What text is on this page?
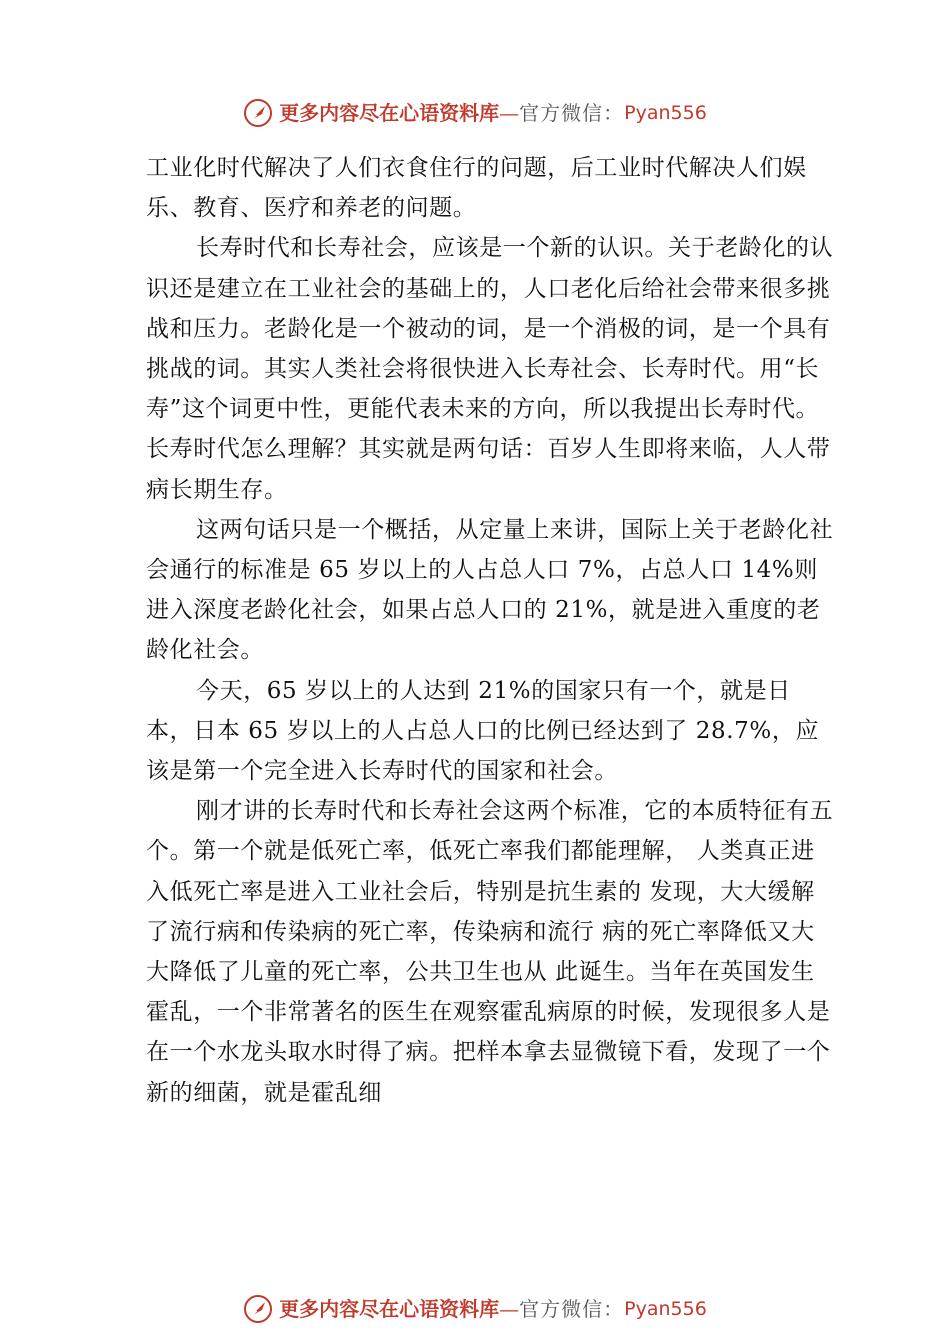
更多内容尽在心语资料库 — 官方微信： Pyan556

工业化时代解决了人们衣食住行的问题，后工业时代解决人们娱乐、教育、医疗和养老的问题。

长寿时代和长寿社会，应该是一个新的认识。关于老龄化的认识还是建立在工业社会的基础上的，人口老化后给社会带来很多挑战和压力。老龄化是一个被动的词，是一个消极的词，是一个具有挑战的词。其实人类社会将很快进入长寿社会、长寿时代。用“长寿”这个词更中性，更能代表未来的方向，所以我提出长寿时代。长寿时代怎么理解？其实就是两句话：百岁人生即将来临，人人带病长期生存。

这两句话只是一个概括，从定量上来讲，国际上关于老龄化社会通行的标准是 65 岁以上的人占总人口 7%，占总人口 14%则进入深度老龄化社会，如果占总人口的 21%，就是进入重度的老龄化社会。

今天，65 岁以上的人达到 21%的国家只有一个，就是日本，日本 65 岁以上的人占总人口的比例已经达到了 28.7%，应该是第一个完全进入长寿时代的国家和社会。

刚才讲的长寿时代和长寿社会这两个标准，它的本质特征有五个。第一个就是低死亡率，低死亡率我们都能理解， 人类真正进入低死亡率是进入工业社会后，特别是抗生素的 发现，大大缓解了流行病和传染病的死亡率，传染病和流行 病的死亡率降低又大大降低了儿童的死亡率，公共卫生也从 此诞生。当年在英国发生霍乱，一个非常著名的医生在观察霍乱病原的时候，发现很多人是在一个水龙头取水时得了病。把样本拿去显微镜下看，发现了一个新的细菌，就是霍乱细

更多内容尽在心语资料库 — 官方微信： Pyan556
